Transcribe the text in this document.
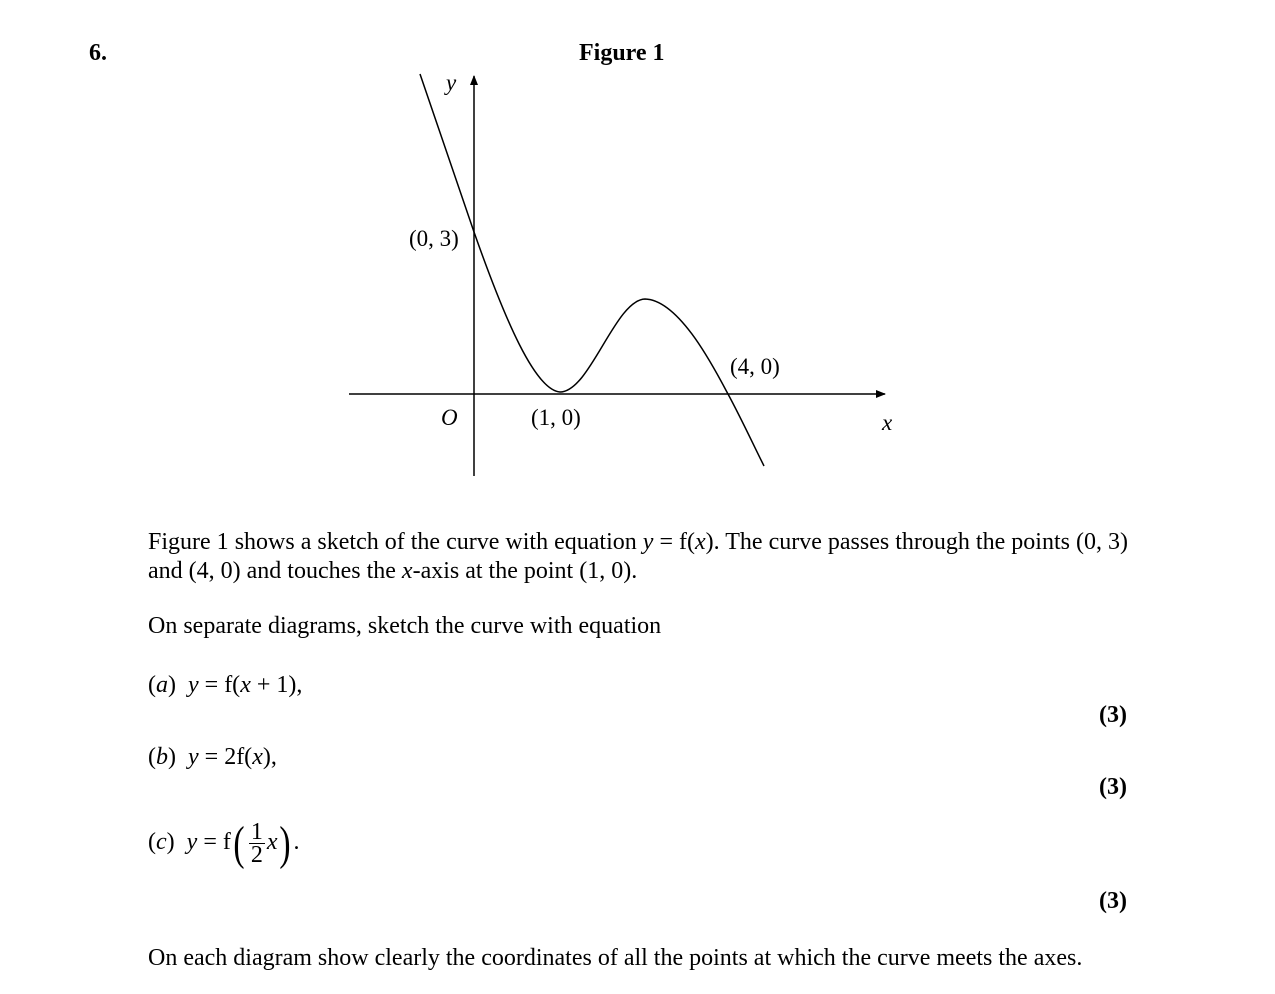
6.	Figure 1
y
x
O
(0, 3)
(1, 0)
(4, 0)
Figure 1 shows a sketch of the curve with equation y = f(x). The curve passes through the points (0, 3) and (4, 0) and touches the x-axis at the point (1, 0).
On separate diagrams, sketch the curve with equation
(a)  y = f(x + 1),
(3)
(b)  y = 2f(x),
(3)
(c)  $y = f( \frac{1}{2} x)$.
(3)
On each diagram show clearly the coordinates of all the points at which the curve meets the axes.
